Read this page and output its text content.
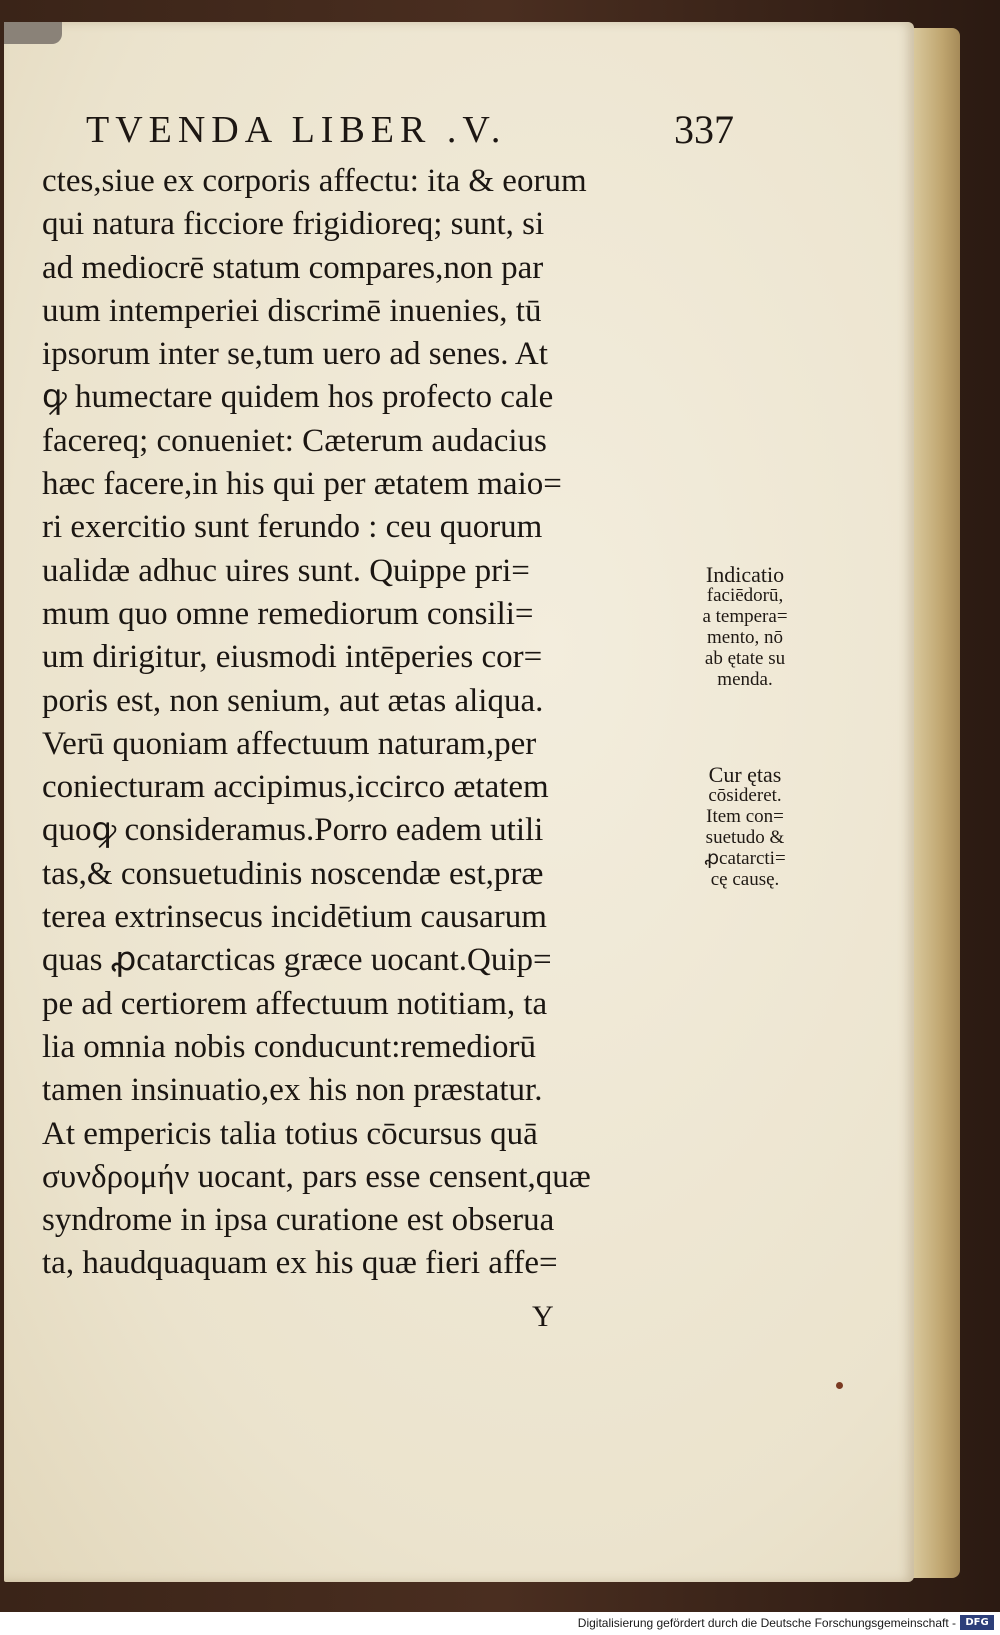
TVENDA LIBER .V.	337
ctes,siue ex corporis affectu: ita & eorum
qui natura ficciore frigidioreq; sunt, si
ad mediocrē statum compares,non par
uum intemperiei discrimē inuenies, tū
ipsorum inter se,tum uero ad senes. At
ꝙ humectare quidem hos profecto cale
facereq; conueniet: Cæterum audacius
hæc facere,in his qui per ætatem maio=
ri exercitio sunt ferundo : ceu quorum
ualidæ adhuc uires sunt. Quippe pri=
mum quo omne remediorum consili=
um dirigitur, eiusmodi intēperies cor=
poris est, non senium, aut ætas aliqua.
Verū quoniam affectuum naturam,per
coniecturam accipimus,iccirco ætatem
quoꝙ consideramus.Porro eadem utili
tas,& consuetudinis noscendæ est,præ
terea extrinsecus incidētium causarum
quas ꝓcatarcticas græce uocant.Quip=
pe ad certiorem affectuum notitiam, ta
lia omnia nobis conducunt:remediorū
tamen insinuatio,ex his non præstatur.
At empericis talia totius cōcursus quā
συνδρομήν uocant, pars esse censent,quæ
syndrome in ipsa curatione est obserua
ta, haudquaquam ex his quæ fieri affe=
Indicatio
faciēdorū,
a tempera=
mento, nō
ab ętate su
menda.
Cur ętas
cōsideret.
Item con=
suetudo &
ꝓcatarcti=
cę causę.
Y
Digitalisierung gefördert durch die Deutsche Forschungsgemeinschaft - DFG
